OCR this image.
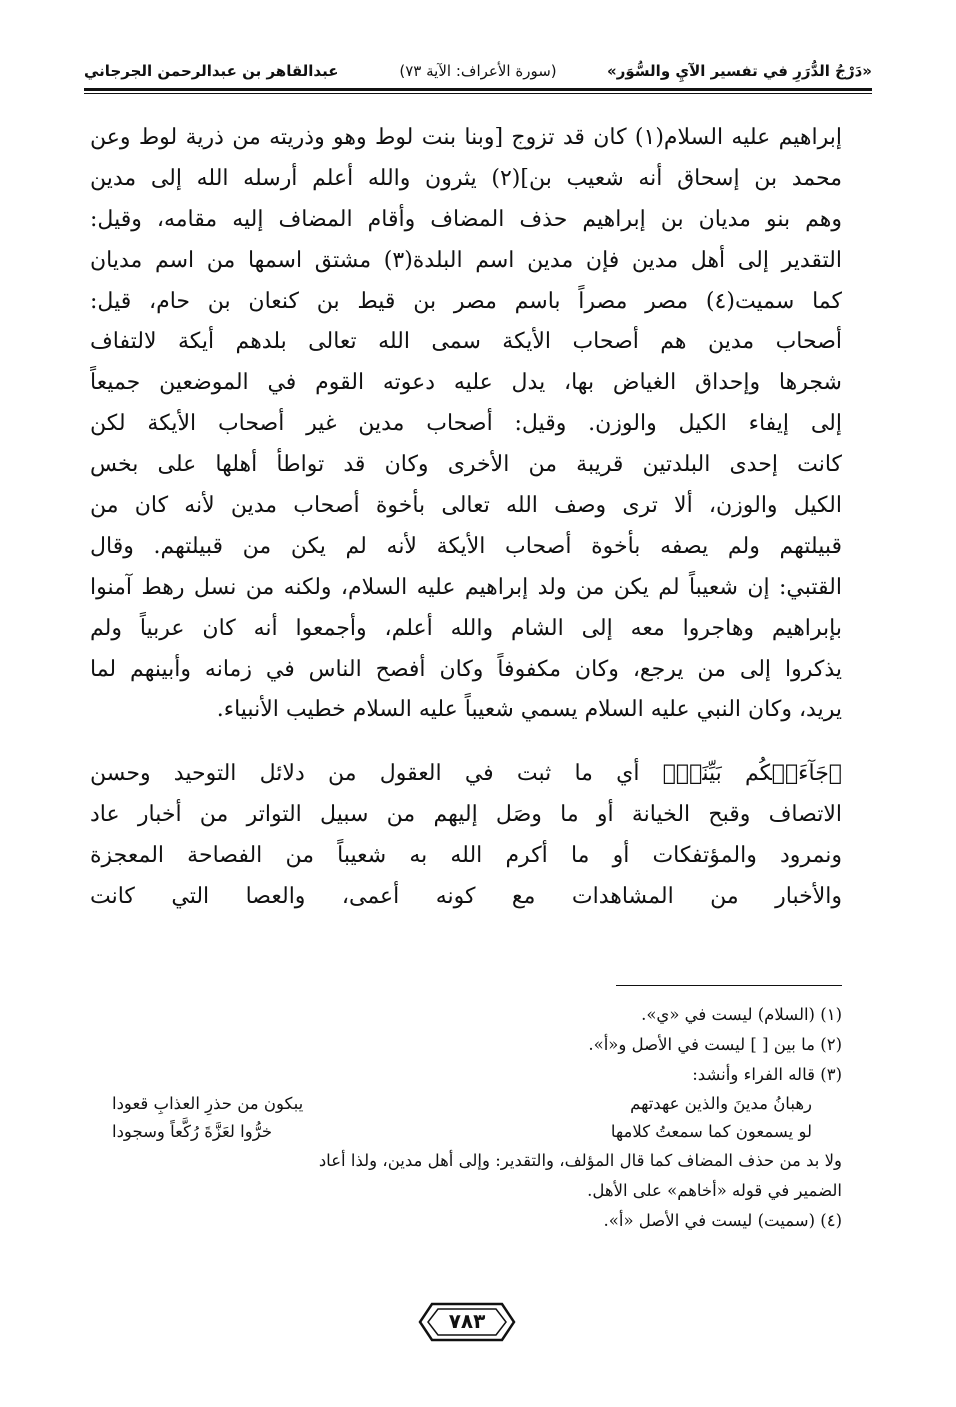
«دَرْجُ الدُّرَرِ في تفسير الآيِ والسُّوَر»
(سورة الأعراف: الآية ٧٣)
عبدالقاهر بن عبدالرحمن الجرجاني
إبراهيم عليه السلام(١) كان قد تزوج [وبنا بنت لوط وهو وذريته من ذرية لوط وعن
محمد بن إسحاق أنه شعيب بن](٢) يثرون والله أعلم أرسله الله إلى مدين
وهم بنو مديان بن إبراهيم حذف المضاف وأقام المضاف إليه مقامه، وقيل:
التقدير إلى أهل مدين فإن مدين اسم البلدة(٣) مشتق اسمها من اسم مديان
كما سميت(٤) مصر مصراً باسم مصر بن قيط بن كنعان بن حام، قيل:
أصحاب مدين هم أصحاب الأيكة سمى الله تعالى بلدهم أيكة لالتفاف
شجرها وإحداق الغياض بها، يدل عليه دعوته القوم في الموضعين جميعاً
إلى إيفاء الكيل والوزن. وقيل: أصحاب مدين غير أصحاب الأيكة لكن
كانت إحدى البلدتين قريبة من الأخرى وكان قد تواطأ أهلها على بخس
الكيل والوزن، ألا ترى وصف الله تعالى بأخوة أصحاب مدين لأنه كان من
قبيلتهم ولم يصفه بأخوة أصحاب الأيكة لأنه لم يكن من قبيلتهم. وقال
القتبي: إن شعيباً لم يكن من ولد إبراهيم عليه السلام، ولكنه من نسل رهط آمنوا
بإبراهيم وهاجروا معه إلى الشام والله أعلم، وأجمعوا أنه كان عربياً ولم
يذكروا إلى من يرجع، وكان مكفوفاً وكان أفصح الناس في زمانه وأبينهم لما
يريد، وكان النبي عليه السلام يسمي شعيباً عليه السلام خطيب الأنبياء.
﴿جَآءَتۡكُم بَيِّنَةٞ﴾ أي ما ثبت في العقول من دلائل التوحيد وحسن
الاتصاف وقبح الخيانة أو ما وصَل إليهم من سبيل التواتر من أخبار عاد
ونمرود والمؤتفكات أو ما أكرم الله به شعيباً من الفصاحة المعجزة
والأخبار من المشاهدات مع كونه أعمى، والعصا التي كانت
(١) (السلام) ليست في «ي».
(٢) ما بين [ ] ليست في الأصل و«أ».
(٣) قاله الفراء وأنشد:
رهبانُ مدينَ والذين عهدتهم
يبكون من حذرِ العذابِ قعودا
لو يسمعون كما سمعتُ كلامها
خرُّوا لعَزَّةَ رُكَّعاً وسجودا
ولا بد من حذف المضاف كما قال المؤلف، والتقدير: وإلى أهل مدين، ولذا أعاد
الضمير في قوله «أخاهم» على الأهل.
(٤) (سميت) ليست في الأصل «أ».
٧٨٣
